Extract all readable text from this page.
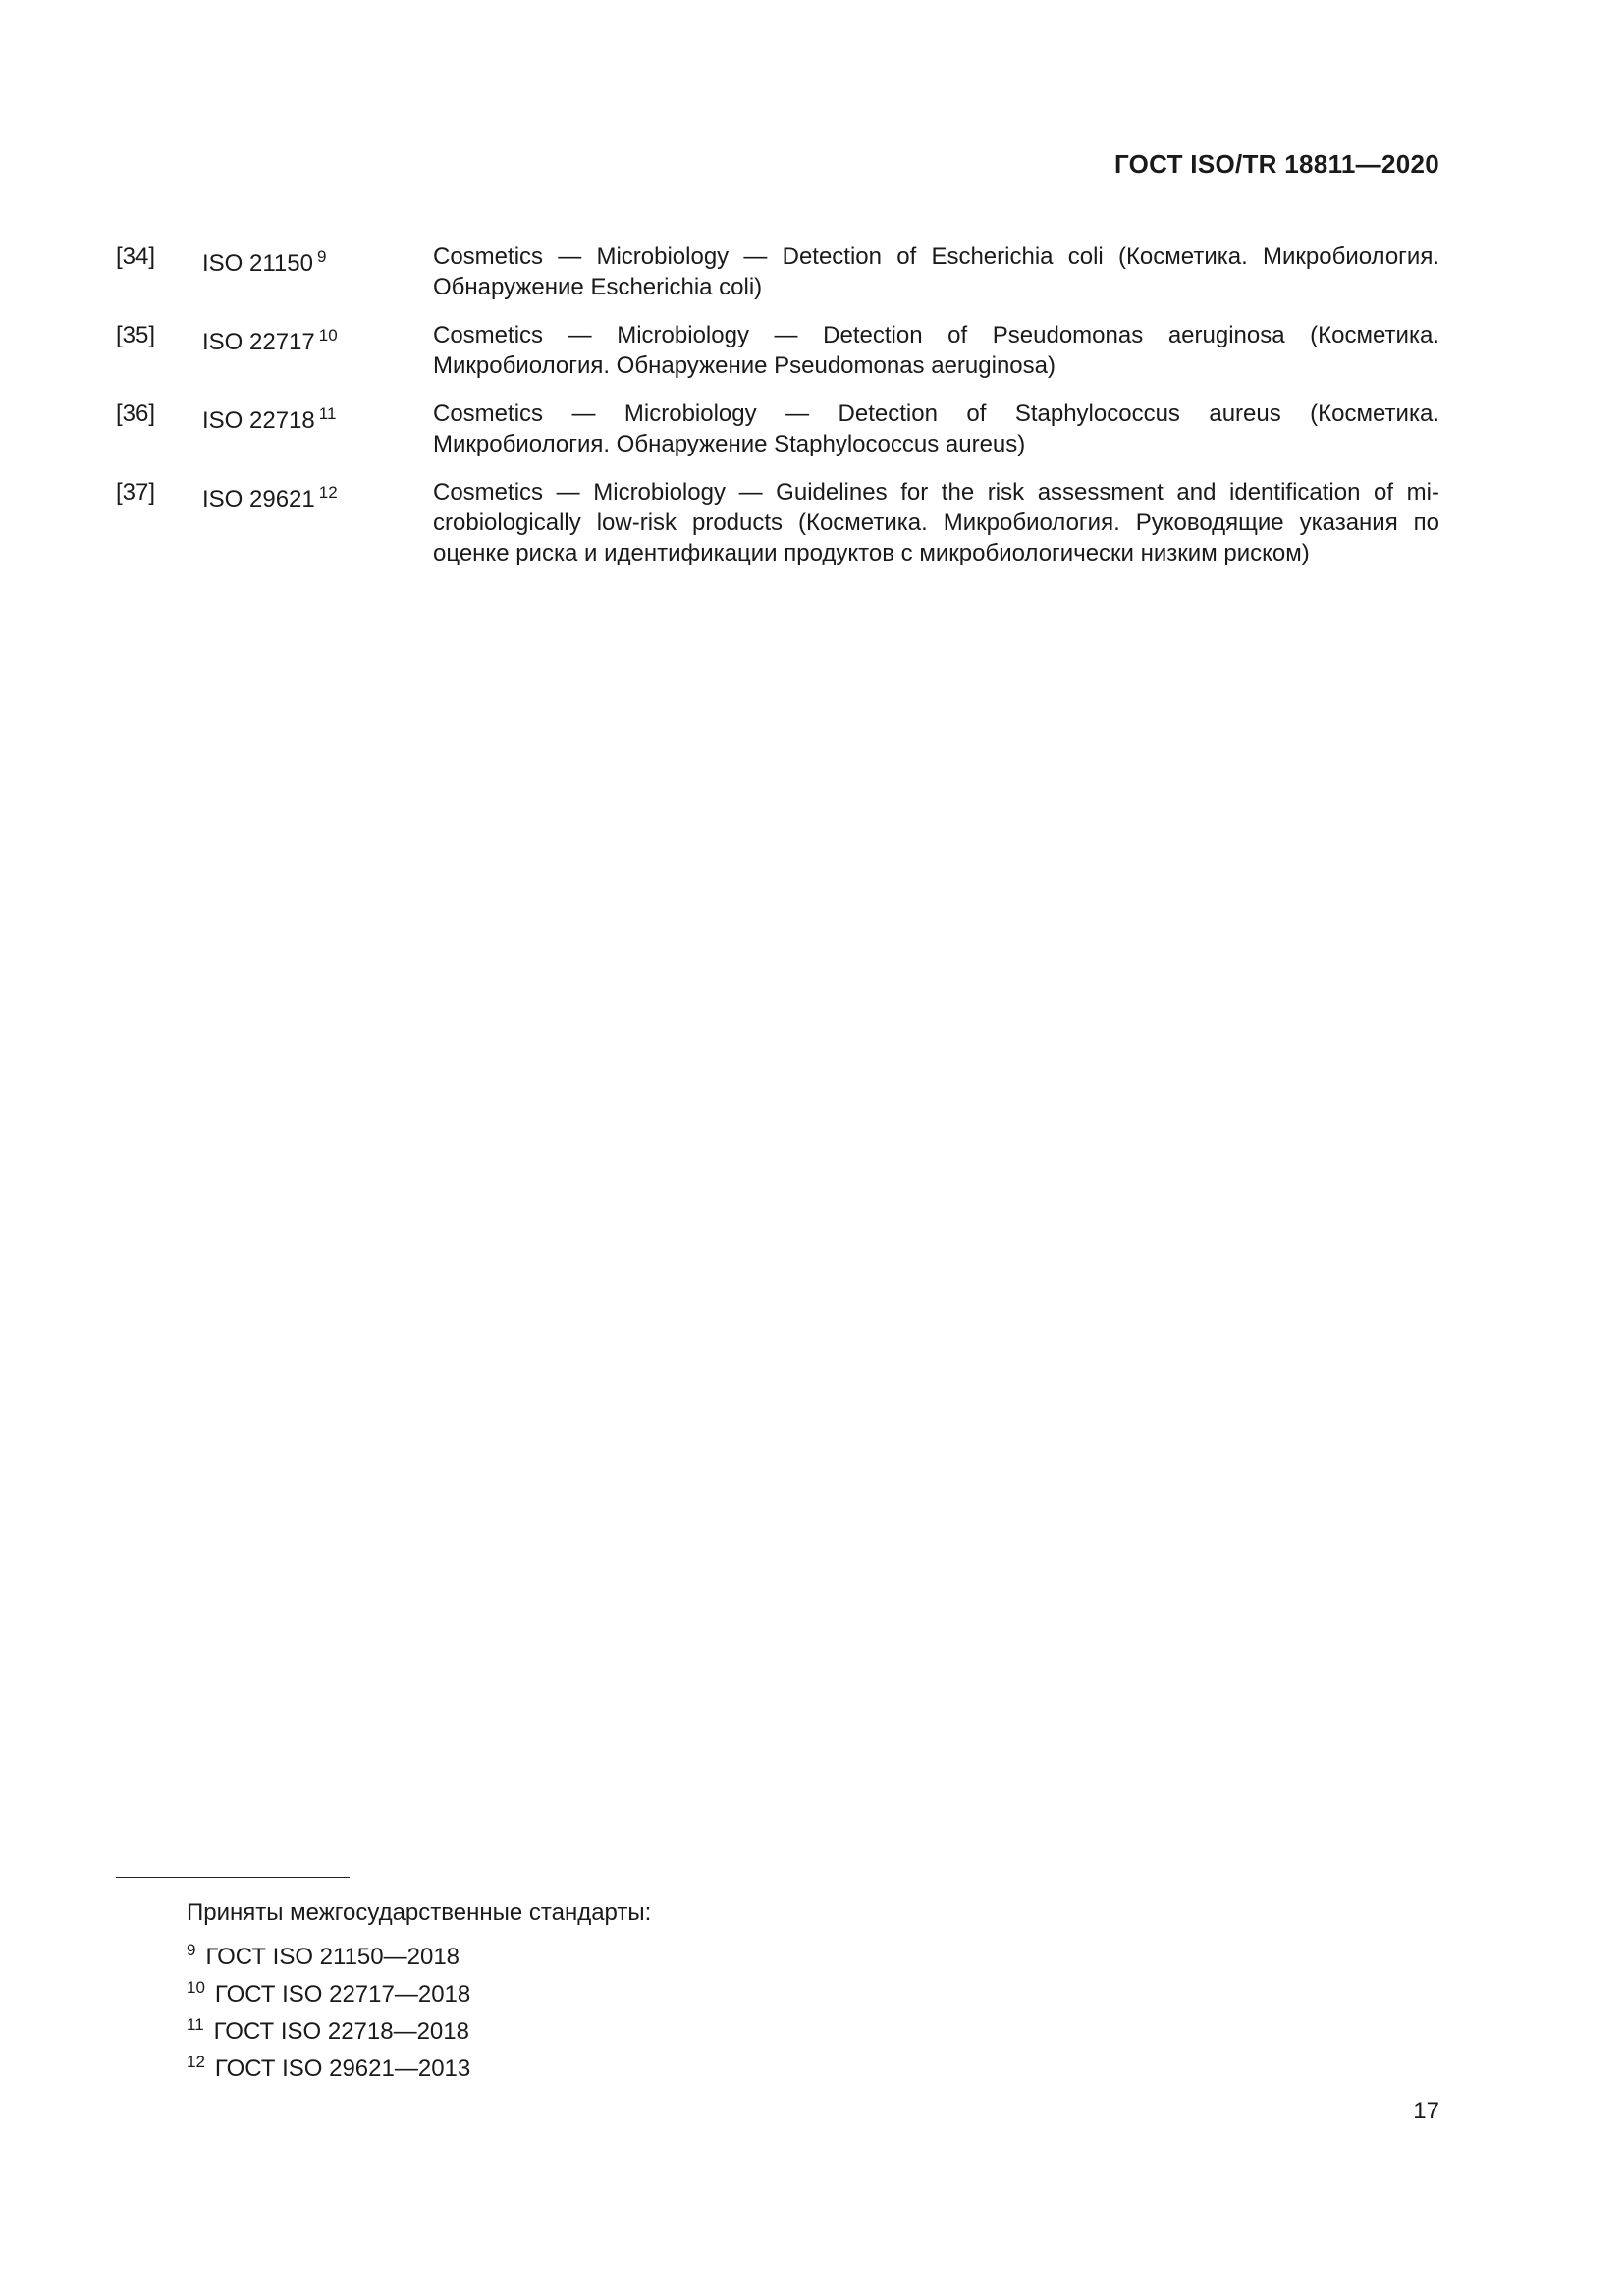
ГОСТ ISO/TR 18811—2020
[34]	ISO 21150 $^9$	Cosmetics — Microbiology — Detection of Escherichia coli (Косметика. Микробиология. Обнаружение Escherichia coli)
[35]	ISO 22717 $^{10}$	Cosmetics — Microbiology — Detection of Pseudomonas aeruginosa (Косметика. Микробиология. Обнаружение Pseudomonas aeruginosa)
[36]	ISO 22718 $^{11}$	Cosmetics — Microbiology — Detection of Staphylococcus aureus (Косметика. Микробиология. Обнаружение Staphylococcus aureus)
[37]	ISO 29621 $^{12}$	Cosmetics — Microbiology — Guidelines for the risk assessment and identification of microbiologically low-risk products (Косметика. Микробиология. Руководящие указания по оценке риска и идентификации продуктов с микробиологически низким риском)
Приняты межгосударственные стандарты:
$^9$ ГОСТ ISO 21150—2018
$^{10}$ ГОСТ ISO 22717—2018
$^{11}$ ГОСТ ISO 22718—2018
$^{12}$ ГОСТ ISO 29621—2013
17
